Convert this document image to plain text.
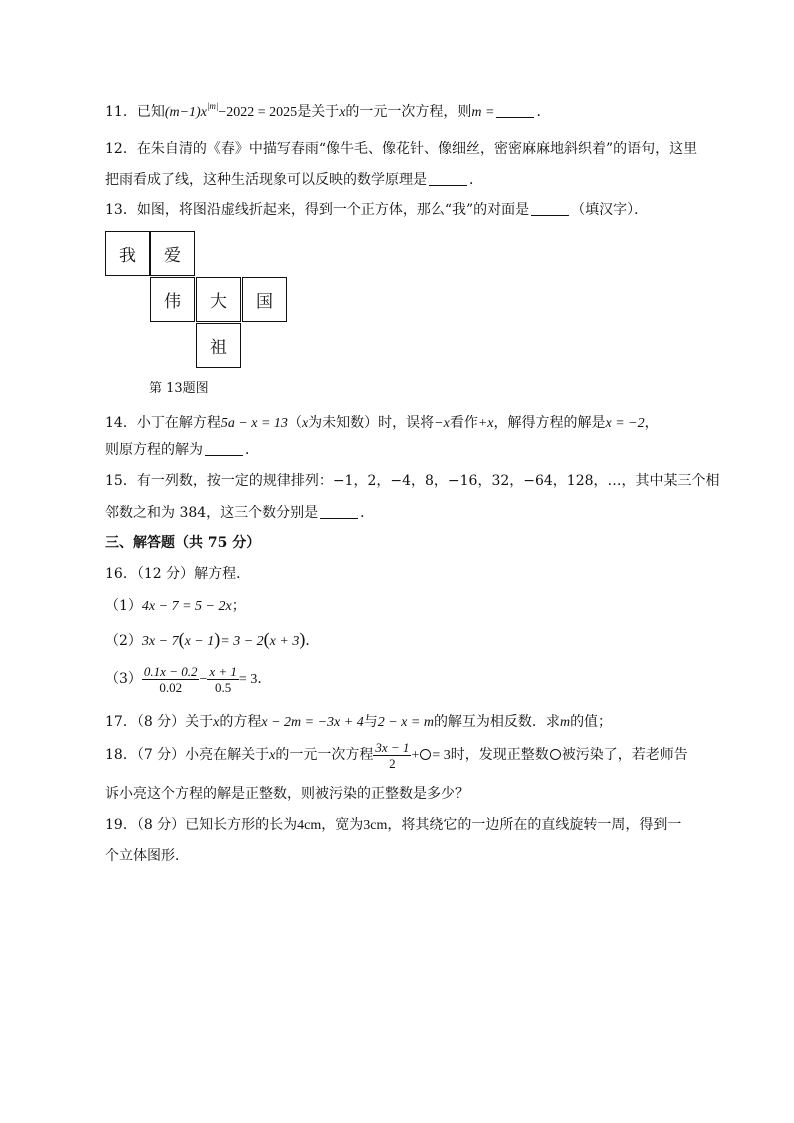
11．已知$(m-1)x^{|m|}-2022 = 2025$是关于x的一元一次方程，则m =	．
12．在朱自清的《春》中描写春雨“像牛毛、像花针、像细丝，密密麻麻地斜织着”的语句，这里
把雨看成了线，这种生活现象可以反映的数学原理是	．
13．如图，将图沿虚线折起来，得到一个正方体，那么“我”的对面是	（填汉字）．
我	爱
伟	大	国
祖
第 13题图
14．小丁在解方程5a − x = 13（x为未知数）时，误将−x看作+x，解得方程的解是x = −2，
则原方程的解为	．
15．有一列数，按一定的规律排列：−1，2，−4，8，−16，32，−64，128，…，其中某三个相
邻数之和为 384，这三个数分别是	．
三、解答题（共 75 分）
16．（12 分）解方程．
（1）4x − 7 = 5 − 2x；
（2）3x − 7(x − 1)= 3 − 2(x + 3)．
$(3) \frac{0.1x - 0.2}{0.02} - \frac{x + 1}{0.5} = 3$．
17．（8 分）关于x的方程x − 2m = −3x + 4与2 − x = m的解互为相反数．求m的值；
18．（7 分）小亮在解关于x的一元一次方程 $\frac{3x - 1}{2}$ + = 3时，发现正整数 被污染了，若老师告
诉小亮这个方程的解是正整数，则被污染的正整数是多少？
19．（8 分）已知长方形的长为4cm，宽为3cm，将其绕它的一边所在的直线旋转一周，得到一
个立体图形．
